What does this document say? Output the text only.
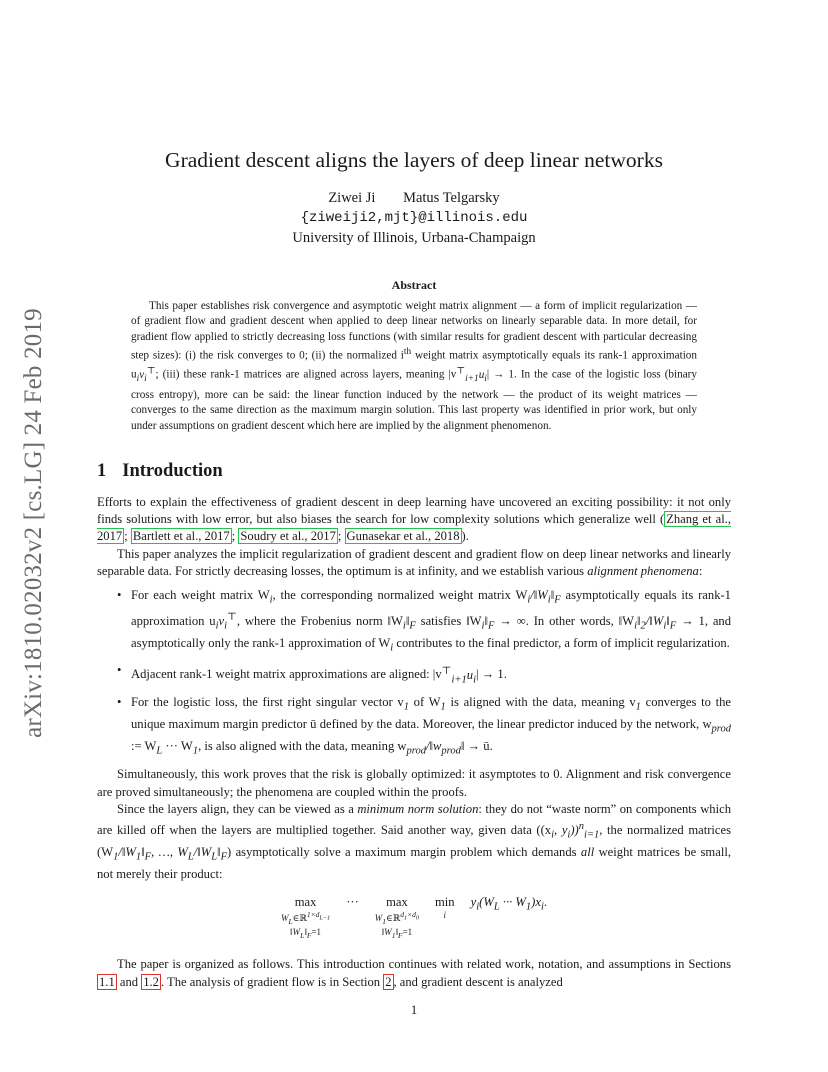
arXiv:1810.02032v2 [cs.LG] 24 Feb 2019
Gradient descent aligns the layers of deep linear networks
Ziwei Ji Matus Telgarsky
{ziweiji2,mjt}@illinois.edu
University of Illinois, Urbana-Champaign
Abstract

This paper establishes risk convergence and asymptotic weight matrix alignment — a form of implicit regularization — of gradient flow and gradient descent when applied to deep linear networks on linearly separable data. In more detail, for gradient flow applied to strictly decreasing loss functions (with similar results for gradient descent with particular decreasing step sizes): (i) the risk converges to 0; (ii) the normalized $i^{th}$ weight matrix asymptotically equals its rank-1 approximation $u_iv_i^⊤$; (iii) these rank-1 matrices are aligned across layers, meaning $|v^⊤_{i+1}u_i| \to 1$. In the case of the logistic loss (binary cross entropy), more can be said: the linear function induced by the network — the product of its weight matrices — converges to the same direction as the maximum margin solution. This last property was identified in prior work, but only under assumptions on gradient descent which here are implied by the alignment phenomenon.

1 Introduction

Efforts to explain the effectiveness of gradient descent in deep learning have uncovered an exciting possibility: it not only finds solutions with low error, but also biases the search for low complexity solutions which generalize well ( Zhang et al., 2017 ; Bartlett et al., 2017 ; Soudry et al., 2017 ; Gunasekar et al., 2018 ).

This paper analyzes the implicit regularization of gradient descent and gradient flow on deep linear networks and linearly separable data. For strictly decreasing losses, the optimum is at infinity, and we establish various alignment phenomena:

• For each weight matrix $W_i$, the corresponding normalized weight matrix $W_i/‖W_i‖_F$ asymptotically equals its rank-1 approximation $u_iv_i^⊤$, where the Frobenius norm $‖W_i‖_F$ satisfies $‖W_i‖_F$ → ∞. In other words, $‖W_i‖_2/‖W_i‖_F \to 1$, and asymptotically only the rank-1 approximation of $W_i$ contributes to the final predictor, a form of implicit regularization.
• Adjacent rank-1 weight matrix approximations are aligned: $|v^⊤_{i+1}u_i| \to 1$.
• For the logistic loss, the first right singular vector $v_1$ of $W_1$ is aligned with the data, meaning $v_1$ converges to the unique maximum margin predictor ū defined by the data. Moreover, the linear predictor induced by the network, $w_{prod}$ := $W_L$ ··· $W_1$, is also aligned with the data, meaning $w_{prod}/‖w_{prod}‖$ → ū.

Simultaneously, this work proves that the risk is globally optimized: it asymptotes to 0. Alignment and risk convergence are proved simultaneously; the phenomena are coupled within the proofs.

Since the layers align, they can be viewed as a minimum norm solution: they do not “waste norm” on components which are killed off when the layers are multiplied together. Said another way, given data (($x_i$, $y_i))^n_{i=1}$, the normalized matrices ($W_1/‖W_1‖_F$, …, $W_L/‖W_L‖_F$) asymptotically solve a maximum margin problem which demands all weight matrices be small, not merely their product:

max
$W_L\in ℝ^{1\times d_{L-1}}$
$‖W_L‖_F=1$
··· max
$W_1\in ℝ^{d_1\times d_0}$
$‖W_1‖_F=1$
min
i
$y_i(W_L$ ··· $W_1)x_i$.

The paper is organized as follows. This introduction continues with related work, notation, and assumptions in Sections 1.1 and 1.2 . The analysis of gradient flow is in Section 2 , and gradient descent is analyzed

1
